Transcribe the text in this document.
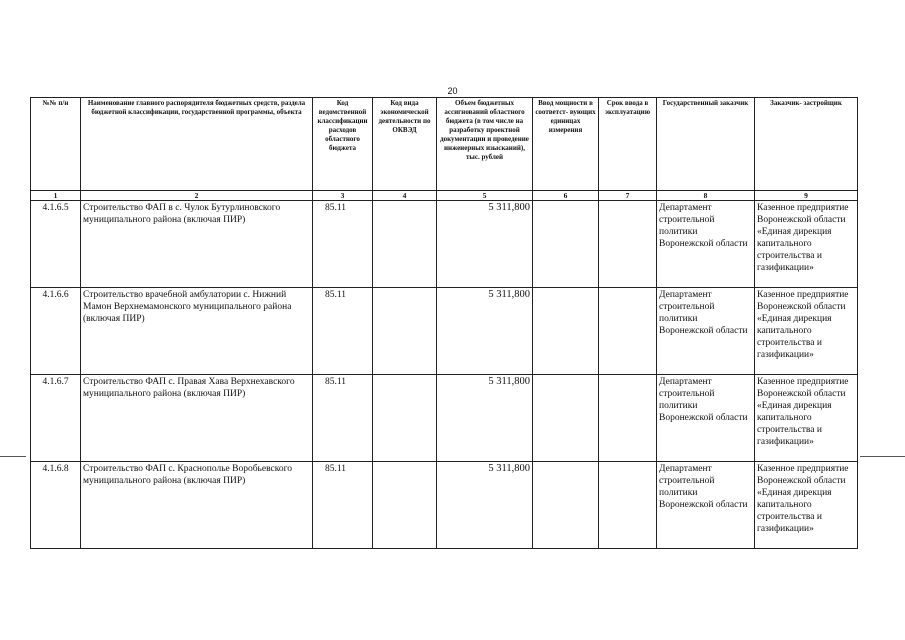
20
№№ п/н	Наименование главного распорядителя бюджетных средств, раздела бюджетной классификации, государственной программы, объекта	Код ведомственной классификации расходов областного бюджета	Код вида экономической деятельности по ОКВЭД	Объем бюджетных ассигнований областного бюджета (в том числе на разработку проектной документации и проведение инженерных изысканий), тыс. рублей	Ввод мощности в соответст- вующих единицах измерения	Срок ввода в эксплуатацию	Государственный заказчик	Заказчик- застройщик
1	2	3	4	5	6	7	8	9
4.1.6.5	Строительство ФАП в с. Чулок Бутурлиновского муниципального района (включая ПИР)	85.11		5 311,800			Департамент строительной политики Воронежской области	Казенное предприятие Воронежской области «Единая дирекция капитального строительства и газификации»
4.1.6.6	Строительство врачебной амбулатории с. Нижний Мамон Верхнемамонского муниципального района (включая ПИР)	85.11		5 311,800			Департамент строительной политики Воронежской области	Казенное предприятие Воронежской области «Единая дирекция капитального строительства и газификации»
4.1.6.7	Строительство ФАП с. Правая Хава Верхнехавского муниципального района (включая ПИР)	85.11		5 311,800			Департамент строительной политики Воронежской области	Казенное предприятие Воронежской области «Единая дирекция капитального строительства и газификации»
4.1.6.8	Строительство ФАП с. Краснополье Воробьевского муниципального района (включая ПИР)	85.11		5 311,800			Департамент строительной политики Воронежской области	Казенное предприятие Воронежской области «Единая дирекция капитального строительства и газификации»
